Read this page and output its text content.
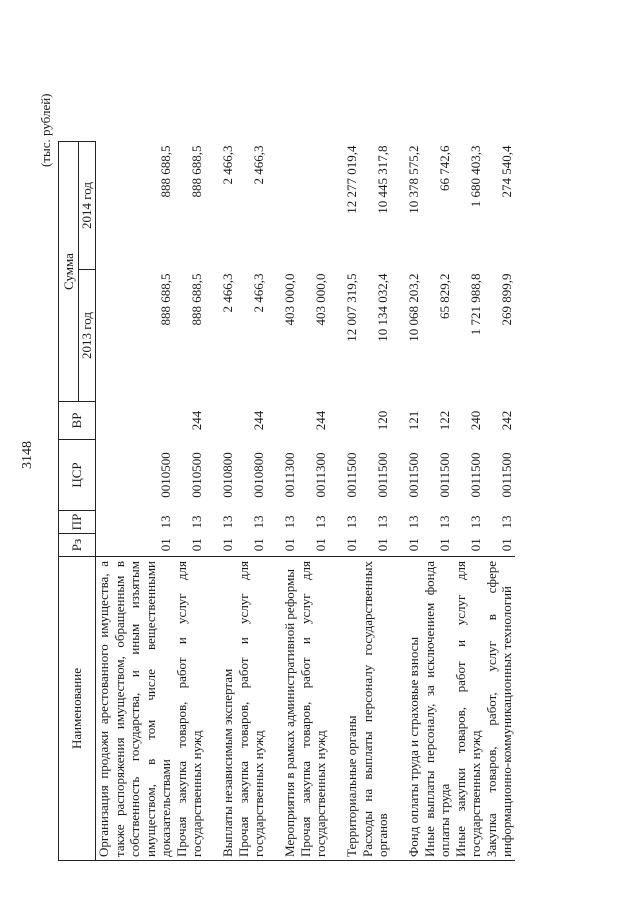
3148
(тыс. рублей)
Наименование	Рз	ПР	ЦСР	ВР	Сумма	
					2013 год	2014 год
Организация продажи арестованного имущества, а также распоряжения имуществом, обращенным в собственность государства, и иным изъятым имуществом, в том числе вещественными доказательствами	01	13	0010500		888 688,5	888 688,5
Прочая закупка товаров, работ и услуг для государственных нужд	01	13	0010500	244	888 688,5	888 688,5
Выплаты независимым экспертам	01	13	0010800		2 466,3	2 466,3
Прочая закупка товаров, работ и услуг для государственных нужд	01	13	0010800	244	2 466,3	2 466,3
Мероприятия в рамках административной реформы	01	13	0011300		403 000,0	
Прочая закупка товаров, работ и услуг для государственных нужд	01	13	0011300	244	403 000,0	
Территориальные органы	01	13	0011500		12 007 319,5	12 277 019,4
Расходы на выплаты персоналу государственных органов	01	13	0011500	120	10 134 032,4	10 445 317,8
Фонд оплаты труда и страховые взносы	01	13	0011500	121	10 068 203,2	10 378 575,2
Иные выплаты персоналу, за исключением фонда оплаты труда	01	13	0011500	122	65 829,2	66 742,6
Иные закупки товаров, работ и услуг для государственных нужд	01	13	0011500	240	1 721 988,8	1 680 403,3
Закупка товаров, работ, услуг в сфере информационно-коммуникационных технологий	01	13	0011500	242	269 899,9	274 540,4
